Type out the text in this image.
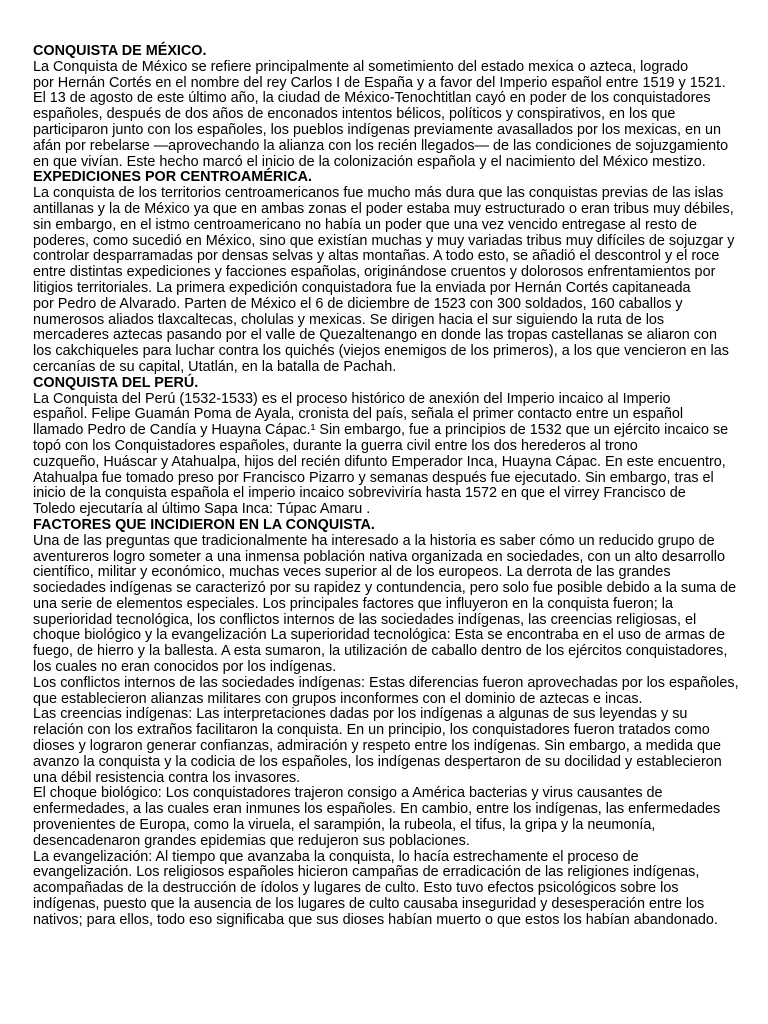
CONQUISTA DE MÉXICO.
La Conquista de México se refiere principalmente al sometimiento del estado mexica o azteca, logrado
por Hernán Cortés en el nombre del rey Carlos I de España y a favor del Imperio español entre 1519 y 1521.
El 13 de agosto de este último año, la ciudad de México-Tenochtitlan cayó en poder de los conquistadores
españoles, después de dos años de enconados intentos bélicos, políticos y conspirativos, en los que
participaron junto con los españoles, los pueblos indígenas previamente avasallados por los mexicas, en un
afán por rebelarse —aprovechando la alianza con los recién llegados— de las condiciones de sojuzgamiento
en que vivían. Este hecho marcó el inicio de la colonización española y el nacimiento del México mestizo.
EXPEDICIONES POR CENTROAMÉRICA.
La conquista de los territorios centroamericanos fue mucho más dura que las conquistas previas de las islas
antillanas y la de México ya que en ambas zonas el poder estaba muy estructurado o eran tribus muy débiles,
sin embargo, en el istmo centroamericano no había un poder que una vez vencido entregase al resto de
poderes, como sucedió en México, sino que existían muchas y muy variadas tribus muy difíciles de sojuzgar y
controlar desparramadas por densas selvas y altas montañas. A todo esto, se añadió el descontrol y el roce
entre distintas expediciones y facciones españolas, originándose cruentos y dolorosos enfrentamientos por
litigios territoriales. La primera expedición conquistadora fue la enviada por Hernán Cortés capitaneada
por Pedro de Alvarado. Parten de México el 6 de diciembre de 1523 con 300 soldados, 160 caballos y
numerosos aliados tlaxcaltecas, cholulas y mexicas. Se dirigen hacia el sur siguiendo la ruta de los
mercaderes aztecas pasando por el valle de Quezaltenango en donde las tropas castellanas se aliaron con
los cakchiqueles para luchar contra los quichés (viejos enemigos de los primeros), a los que vencieron en las
cercanías de su capital, Utatlán, en la batalla de Pachah.
CONQUISTA DEL PERÚ.
La Conquista del Perú (1532-1533) es el proceso histórico de anexión del Imperio incaico al Imperio
español. Felipe Guamán Poma de Ayala, cronista del país, señala el primer contacto entre un español
llamado Pedro de Candía y Huayna Cápac.¹ Sin embargo, fue a principios de 1532 que un ejército incaico se
topó con los Conquistadores españoles, durante la guerra civil entre los dos herederos al trono
cuzqueño, Huáscar y Atahualpa, hijos del recién difunto Emperador Inca, Huayna Cápac. En este encuentro,
Atahualpa fue tomado preso por Francisco Pizarro y semanas después fue ejecutado. Sin embargo, tras el
inicio de la conquista española el imperio incaico sobreviviría hasta 1572 en que el virrey Francisco de
Toledo ejecutaría al último Sapa Inca: Túpac Amaru .
FACTORES QUE INCIDIERON EN LA CONQUISTA.
Una de las preguntas que tradicionalmente ha interesado a la historia es saber cómo un reducido grupo de
aventureros logro someter a una inmensa población nativa organizada en sociedades, con un alto desarrollo
científico, militar y económico, muchas veces superior al de los europeos. La derrota de las grandes
sociedades indígenas se caracterizó por su rapidez y contundencia, pero solo fue posible debido a la suma de
una serie de elementos especiales. Los principales factores que influyeron en la conquista fueron; la
superioridad tecnológica, los conflictos internos de las sociedades indígenas, las creencias religiosas, el
choque biológico y la evangelización La superioridad tecnológica: Esta se encontraba en el uso de armas de
fuego, de hierro y la ballesta. A esta sumaron, la utilización de caballo dentro de los ejércitos conquistadores,
los cuales no eran conocidos por los indígenas.
Los conflictos internos de las sociedades indígenas: Estas diferencias fueron aprovechadas por los españoles,
que establecieron alianzas militares con grupos inconformes con el dominio de aztecas e incas.
Las creencias indígenas: Las interpretaciones dadas por los indígenas a algunas de sus leyendas y su
relación con los extraños facilitaron la conquista. En un principio, los conquistadores fueron tratados como
dioses y lograron generar confianzas, admiración y respeto entre los indígenas. Sin embargo, a medida que
avanzo la conquista y la codicia de los españoles, los indígenas despertaron de su docilidad y establecieron
una débil resistencia contra los invasores.
El choque biológico: Los conquistadores trajeron consigo a América bacterias y virus causantes de
enfermedades, a las cuales eran inmunes los españoles. En cambio, entre los indígenas, las enfermedades
provenientes de Europa, como la viruela, el sarampión, la rubeola, el tifus, la gripa y la neumonía,
desencadenaron grandes epidemias que redujeron sus poblaciones.
La evangelización: Al tiempo que avanzaba la conquista, lo hacía estrechamente el proceso de
evangelización. Los religiosos españoles hicieron campañas de erradicación de las religiones indígenas,
acompañadas de la destrucción de ídolos y lugares de culto. Esto tuvo efectos psicológicos sobre los
indígenas, puesto que la ausencia de los lugares de culto causaba inseguridad y desesperación entre los
nativos; para ellos, todo eso significaba que sus dioses habían muerto o que estos los habían abandonado.
